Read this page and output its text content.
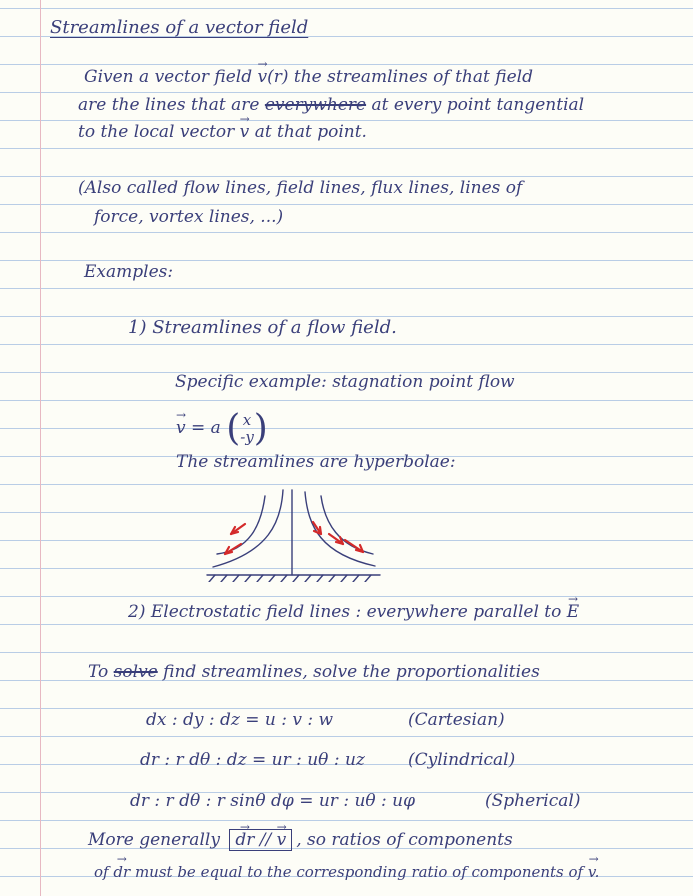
Streamlines of a vector field
Given a vector field → v(r) the streamlines of that field
are the lines that are everywhere at every point tangential
to the local vector → v at that point.
(Also called flow lines, field lines, flux lines, lines of
force, vortex lines, ...)
Examples:
1) Streamlines of a flow field.
Specific example: stagnation point flow
→ v = a ( x
-y )
The streamlines are hyperbolae:
2) Electrostatic field lines : everywhere parallel to → E
To solve find streamlines, solve the proportionalities
dx : dy : dz = u : v : w	(Cartesian)
dr : r dθ : dz = ur : uθ : uz	(Cylindrical)
dr : r dθ : r sinθ dφ = ur : uθ : uφ	(Spherical)
More generally → dr // → v , so ratios of components
of → dr must be equal to the corresponding ratio of components of → v.
